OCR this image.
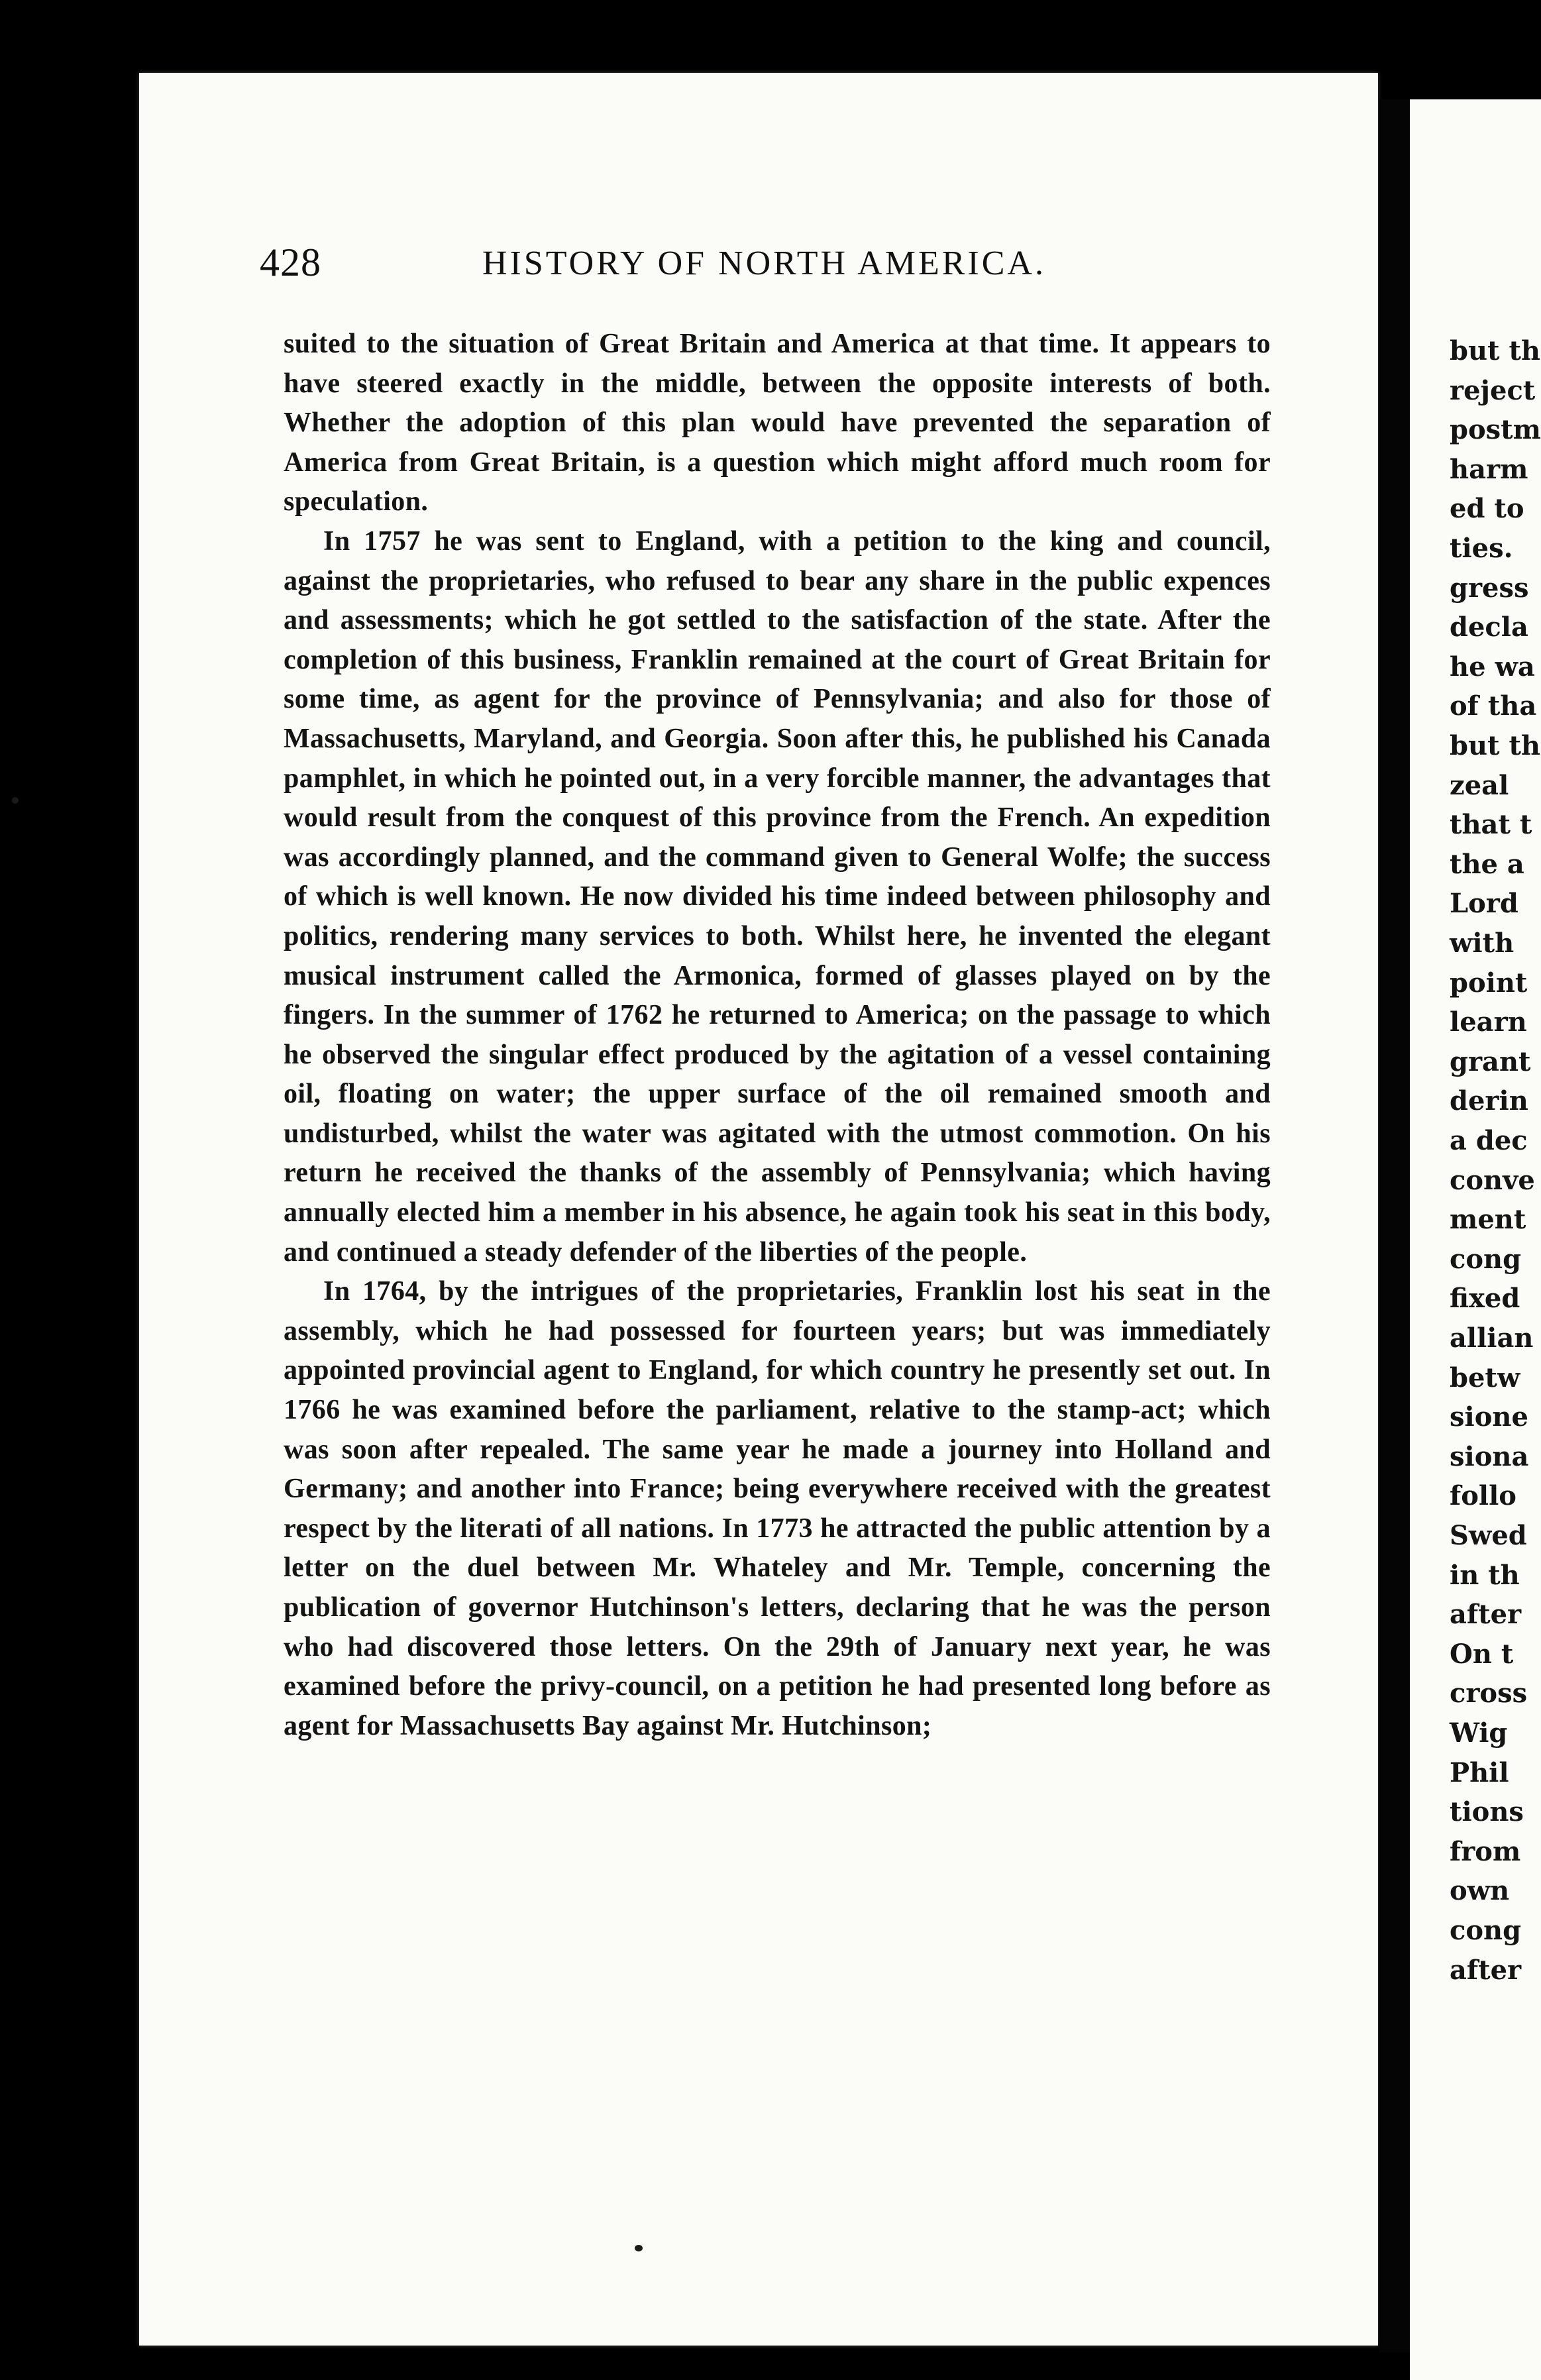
but th
reject
postm
harm
ed to
ties.
gress
decla
he wa
of tha
but th
zeal
that t
the a
Lord
with
point
learn
grant
derin
a dec
conve
ment
cong
fixed
allian
betw
sione
siona
follo
Swed
in th
after
On t
cross
Wig
Phil
tions
from
own
cong
after
428	HISTORY OF NORTH AMERICA.

suited to the situation of Great Britain and America at that time. It appears to have steered exactly in the middle, between the opposite interests of both. Whether the adoption of this plan would have prevented the separation of America from Great Britain, is a question which might afford much room for speculation.

In 1757 he was sent to England, with a petition to the king and council, against the proprietaries, who refused to bear any share in the public expences and assessments; which he got settled to the satisfaction of the state. After the completion of this business, Franklin remained at the court of Great Britain for some time, as agent for the province of Pennsylvania; and also for those of Massachusetts, Maryland, and Georgia. Soon after this, he published his Canada pamphlet, in which he pointed out, in a very forcible manner, the advantages that would result from the conquest of this province from the French. An expedition was accordingly planned, and the command given to General Wolfe; the success of which is well known. He now divided his time indeed between philosophy and politics, rendering many services to both. Whilst here, he invented the elegant musical instrument called the Armonica, formed of glasses played on by the fingers. In the summer of 1762 he returned to America; on the passage to which he observed the singular effect produced by the agitation of a vessel containing oil, floating on water; the upper surface of the oil remained smooth and undisturbed, whilst the water was agitated with the utmost commotion. On his return he received the thanks of the assembly of Pennsylvania; which having annually elected him a member in his absence, he again took his seat in this body, and continued a steady defender of the liberties of the people.

In 1764, by the intrigues of the proprietaries, Franklin lost his seat in the assembly, which he had possessed for fourteen years; but was immediately appointed provincial agent to England, for which country he presently set out. In 1766 he was examined before the parliament, relative to the stamp-act; which was soon after repealed. The same year he made a journey into Holland and Germany; and another into France; being everywhere received with the greatest respect by the literati of all nations. In 1773 he attracted the public attention by a letter on the duel between Mr. Whateley and Mr. Temple, concerning the publication of governor Hutchinson's letters, declaring that he was the person who had discovered those letters. On the 29th of January next year, he was examined before the privy-council, on a petition he had presented long before as agent for Massachusetts Bay against Mr. Hutchinson;
